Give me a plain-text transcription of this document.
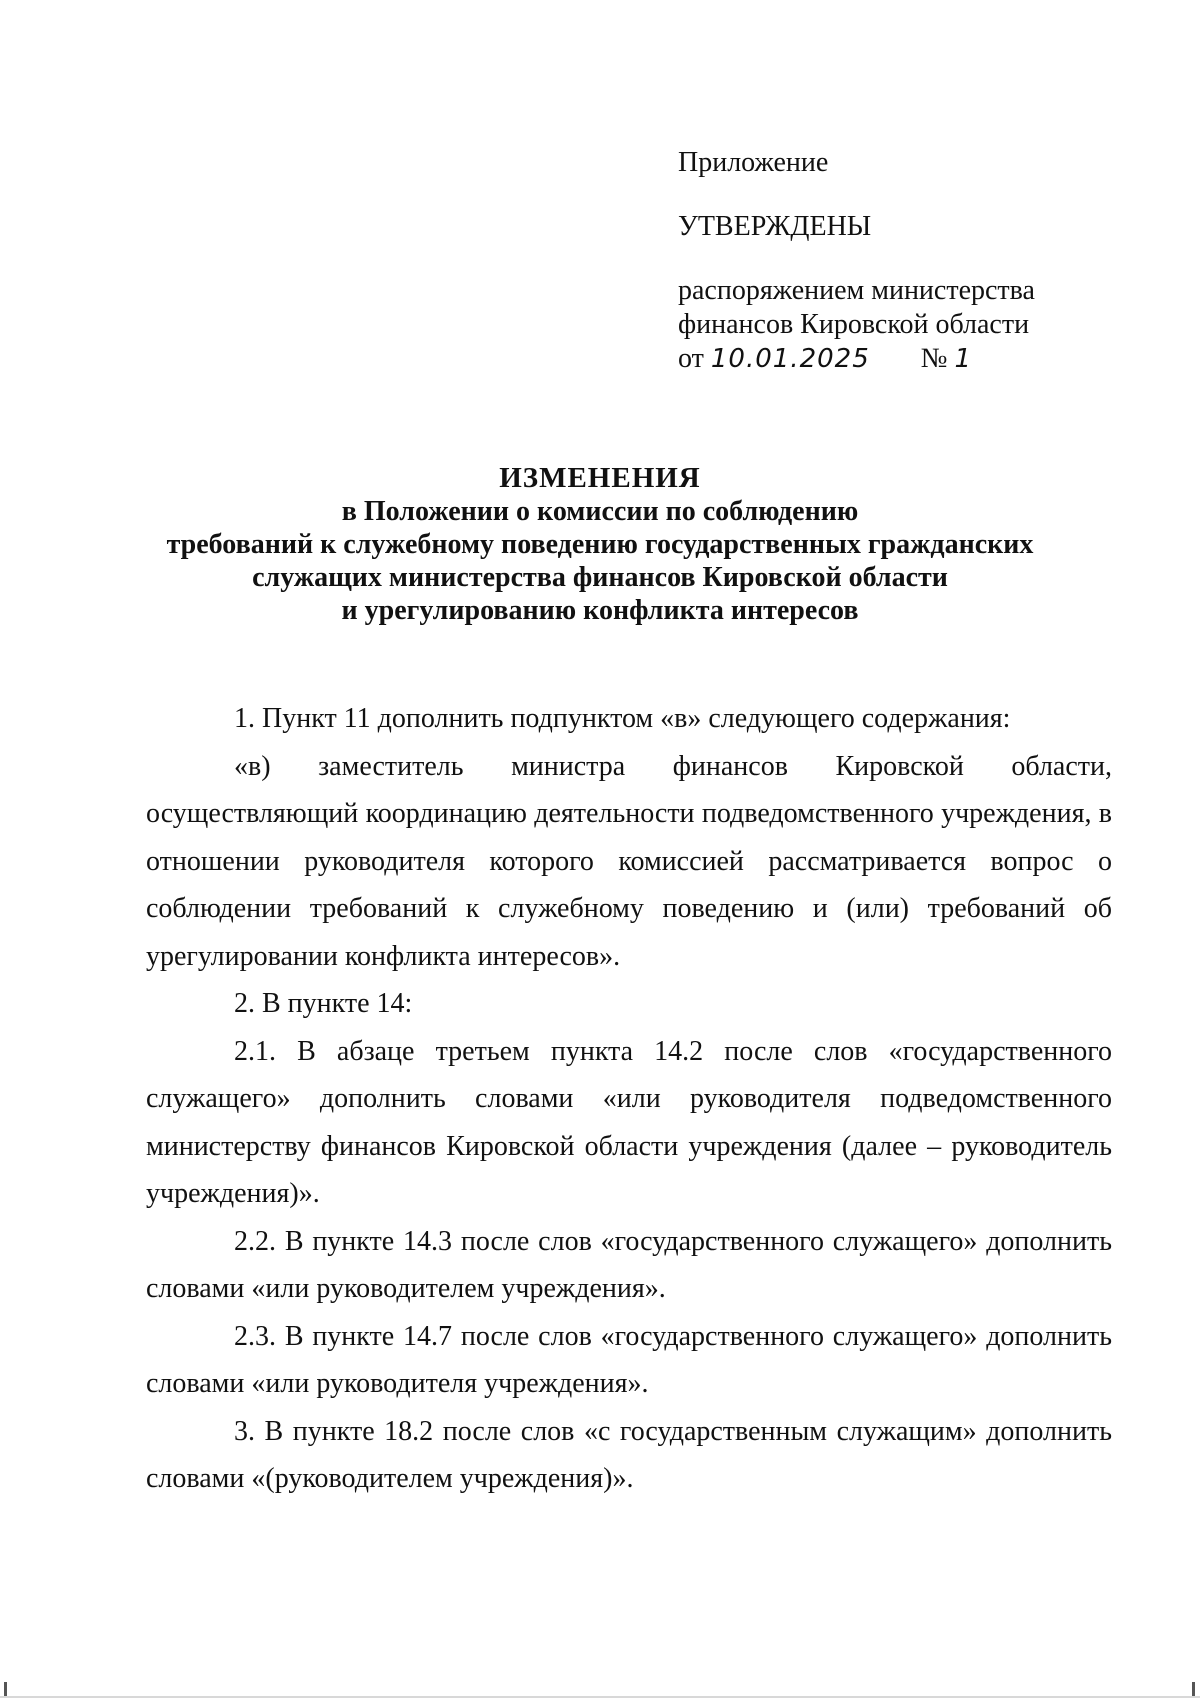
Приложение
УТВЕРЖДЕНЫ
распоряжением министерства
финансов Кировской области
от 10.01.2025 № 1
ИЗМЕНЕНИЯ
в Положении о комиссии по соблюдению
требований к служебному поведению государственных гражданских
служащих министерства финансов Кировской области
и урегулированию конфликта интересов

1. Пункт 11 дополнить подпунктом «в» следующего содержания:

«в) заместитель министра финансов Кировской области, осуществляющий координацию деятельности подведомственного учреждения, в отношении руководителя которого комиссией рассматривается вопрос о соблюдении требований к служебному поведению и (или) требований об урегулировании конфликта интересов».

2. В пункте 14:

2.1. В абзаце третьем пункта 14.2 после слов «государственного служащего» дополнить словами «или руководителя подведомственного министерству финансов Кировской области учреждения (далее – руководитель учреждения)».

2.2. В пункте 14.3 после слов «государственного служащего» дополнить словами «или руководителем учреждения».

2.3. В пункте 14.7 после слов «государственного служащего» дополнить словами «или руководителя учреждения».

3. В пункте 18.2 после слов «с государственным служащим» дополнить словами «(руководителем учреждения)».
